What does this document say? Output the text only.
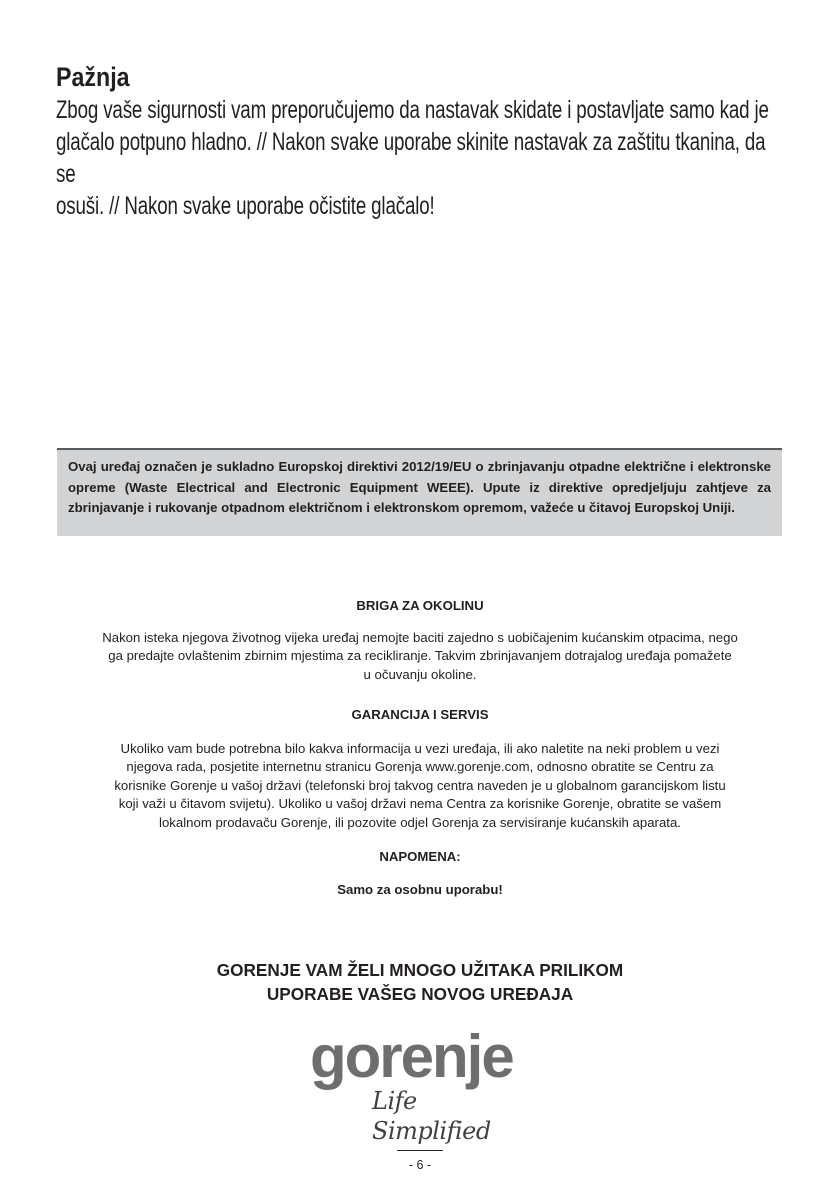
Pažnja
Zbog vaše sigurnosti vam preporučujemo da nastavak skidate i postavljate samo kad je
glačalo potpuno hladno. // Nakon svake uporabe skinite nastavak za zaštitu tkanina, da se
osuši. // Nakon svake uporabe očistite glačalo!
Ovaj uređaj označen je sukladno Europskoj direktivi 2012/19/EU o zbrinjavanju otpadne električne i elektronske opreme (Waste Electrical and Electronic Equipment WEEE). Upute iz direktive opredjeljuju zahtjeve za zbrinjavanje i rukovanje otpadnom električnom i elektronskom opremom, važeće u čitavoj Europskoj Uniji.
BRIGA ZA OKOLINU
Nakon isteka njegova životnog vijeka uređaj nemojte baciti zajedno s uobičajenim kućanskim otpacima, nego
ga predajte ovlaštenim zbirnim mjestima za recikliranje. Takvim zbrinjavanjem dotrajalog uređaja pomažete
u očuvanju okoline.
GARANCIJA I SERVIS
Ukoliko vam bude potrebna bilo kakva informacija u vezi uređaja, ili ako naletite na neki problem u vezi
njegova rada, posjetite internetnu stranicu Gorenja www.gorenje.com, odnosno obratite se Centru za
korisnike Gorenje u vašoj državi (telefonski broj takvog centra naveden je u globalnom garancijskom listu
koji važi u čitavom svijetu). Ukoliko u vašoj državi nema Centra za korisnike Gorenje, obratite se vašem
lokalnom prodavaču Gorenje, ili pozovite odjel Gorenja za servisiranje kućanskih aparata.
NAPOMENA:
Samo za osobnu uporabu!
GORENJE VAM ŽELI MNOGO UŽITAKA PRILIKOM
UPORABE VAŠEG NOVOG UREĐAJA
gorenje
Life Simplified
- 6 -
